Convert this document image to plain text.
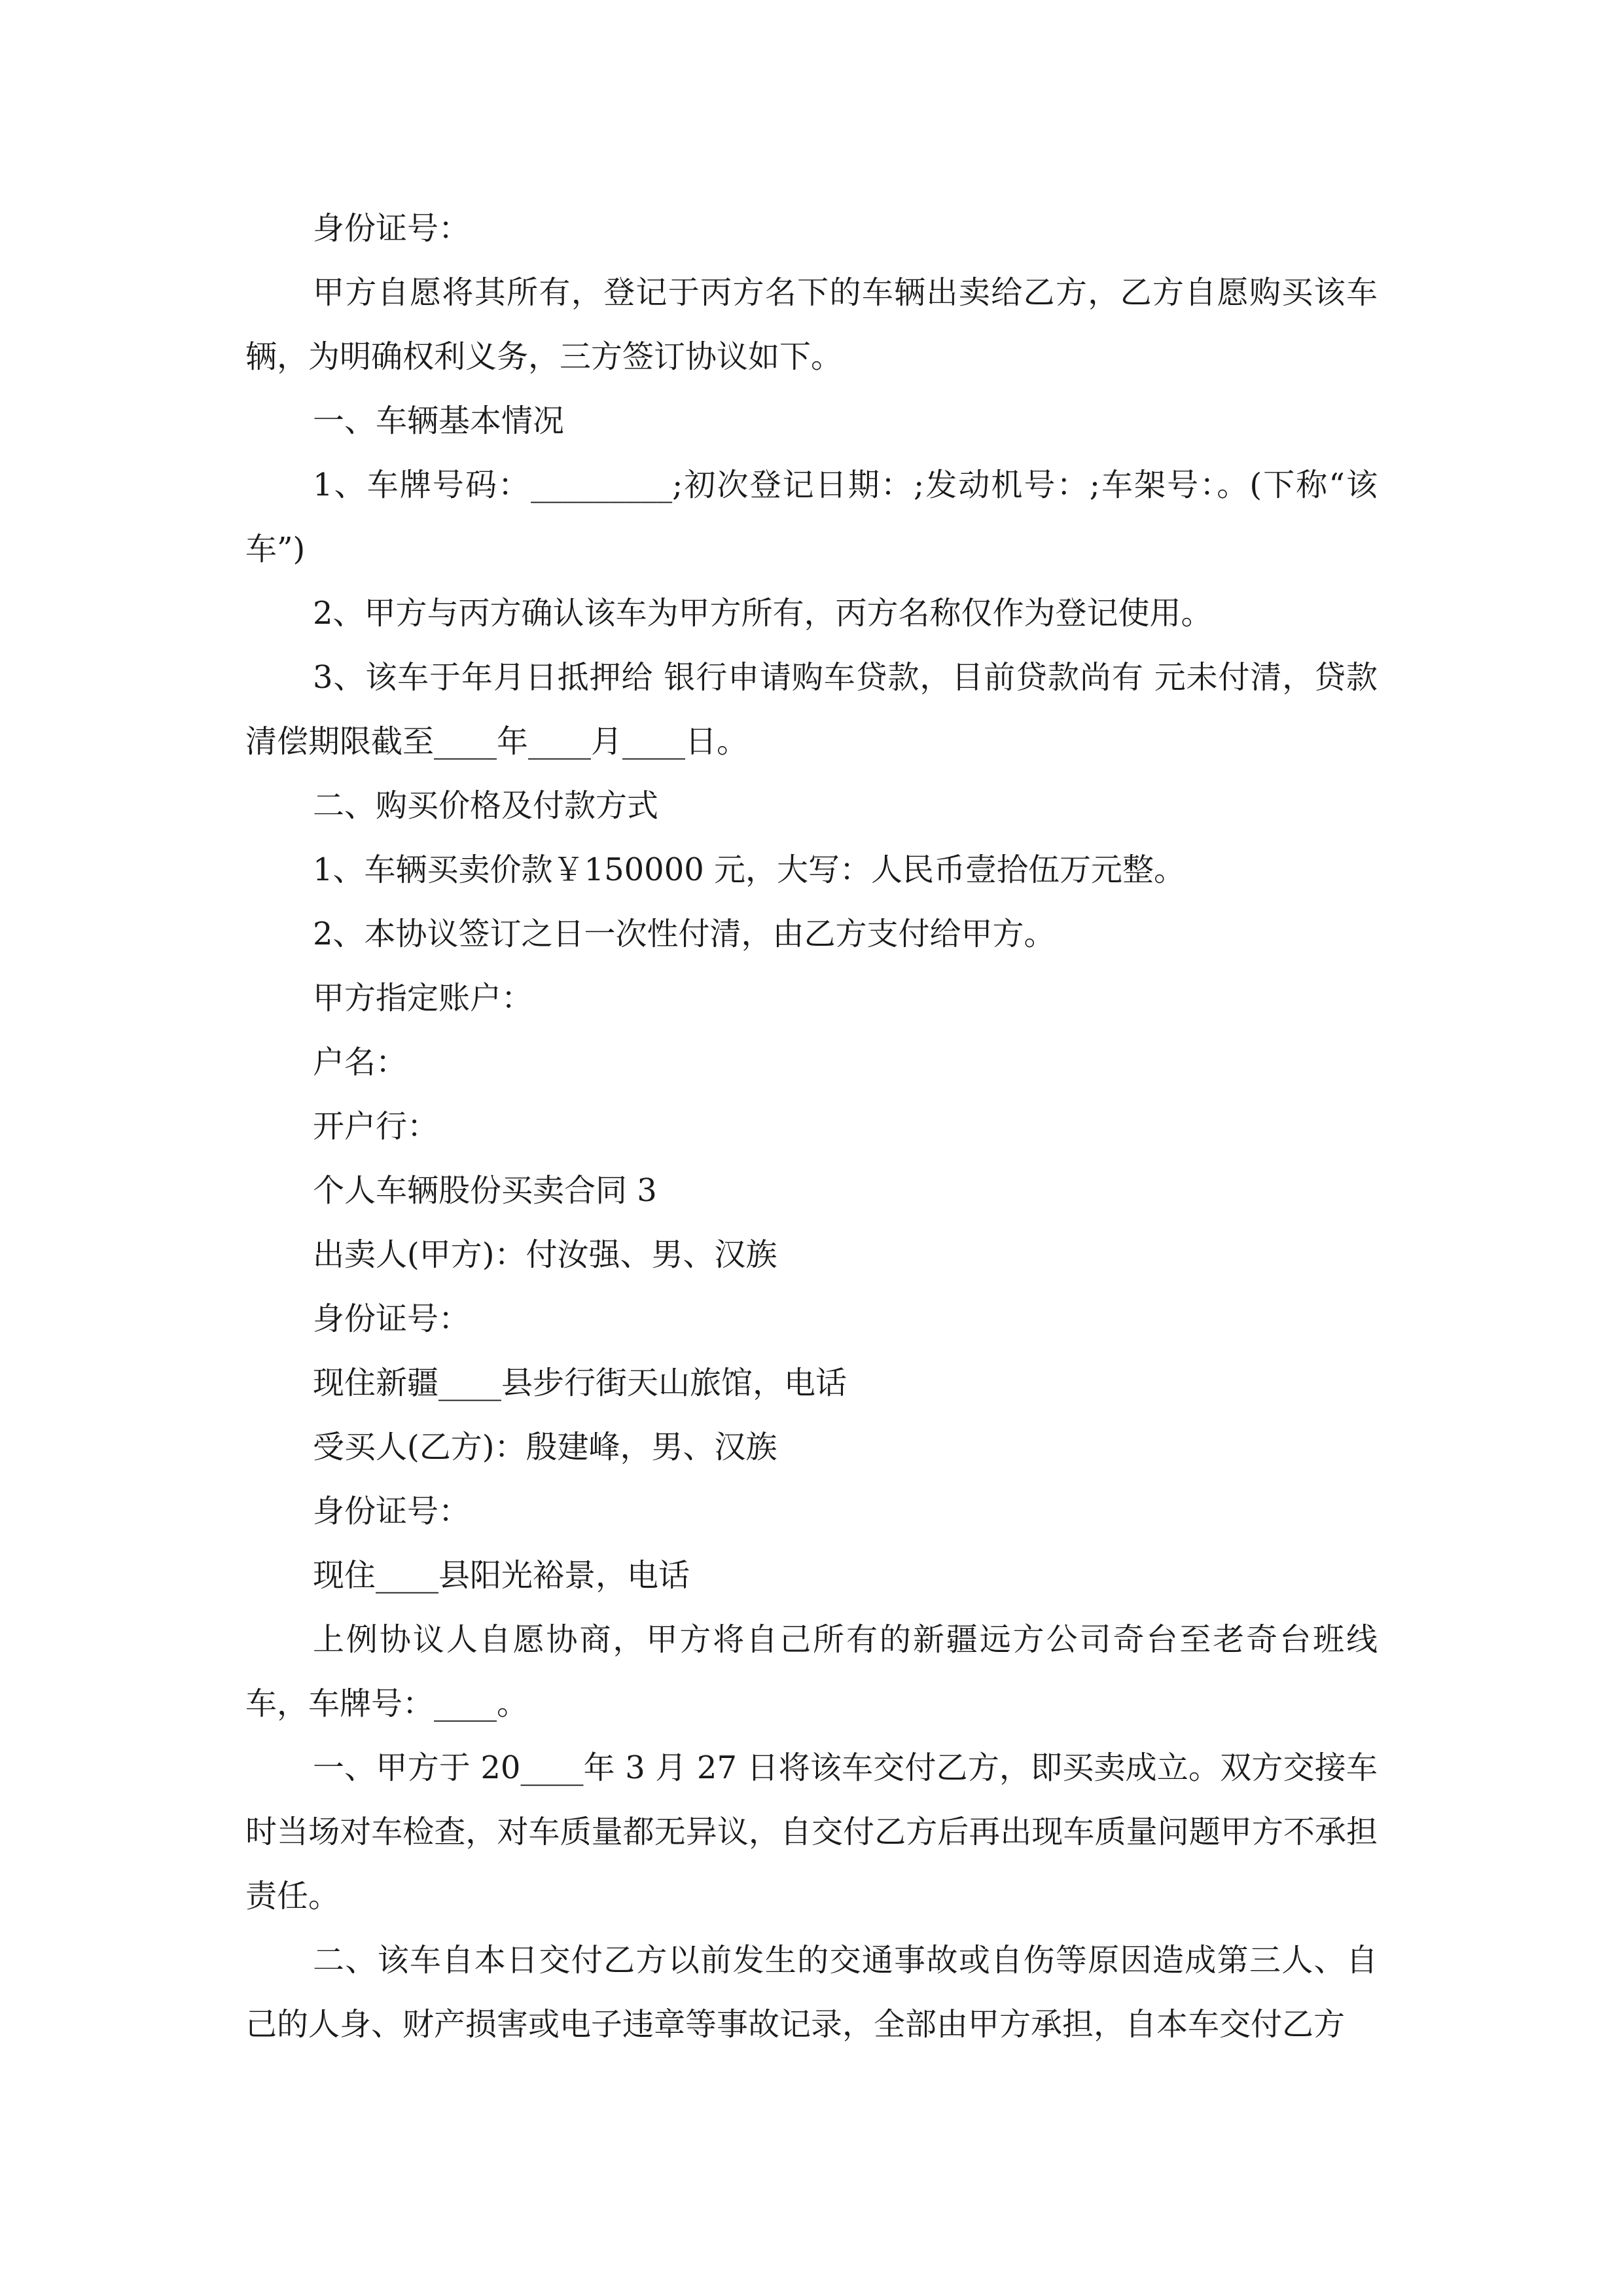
身份证号：

甲方自愿将其所有，登记于丙方名下的车辆出卖给乙方，乙方自愿购买该车辆，为明确权利义务，三方签订协议如下。

一、车辆基本情况

1、车牌号码：_________;初次登记日期：;发动机号：;车架号：。(下称“该车”)

2、甲方与丙方确认该车为甲方所有，丙方名称仅作为登记使用。

3、该车于年月日抵押给 银行申请购车贷款，目前贷款尚有 元未付清，贷款清偿期限截至____年____月____日。

二、购买价格及付款方式

1、车辆买卖价款￥150000 元，大写：人民币壹拾伍万元整。

2、本协议签订之日一次性付清，由乙方支付给甲方。

甲方指定账户：

户名：

开户行：

个人车辆股份买卖合同 3

出卖人(甲方)：付汝强、男、汉族

身份证号：

现住新疆____县步行街天山旅馆，电话

受买人(乙方)：殷建峰，男、汉族

身份证号：

现住____县阳光裕景，电话

上例协议人自愿协商，甲方将自己所有的新疆远方公司奇台至老奇台班线车，车牌号：____。

一、甲方于 20____年 3 月 27 日将该车交付乙方，即买卖成立。双方交接车时当场对车检查，对车质量都无异议，自交付乙方后再出现车质量问题甲方不承担责任。

二、该车自本日交付乙方以前发生的交通事故或自伤等原因造成第三人、自己的人身、财产损害或电子违章等事故记录，全部由甲方承担，自本车交付乙方
